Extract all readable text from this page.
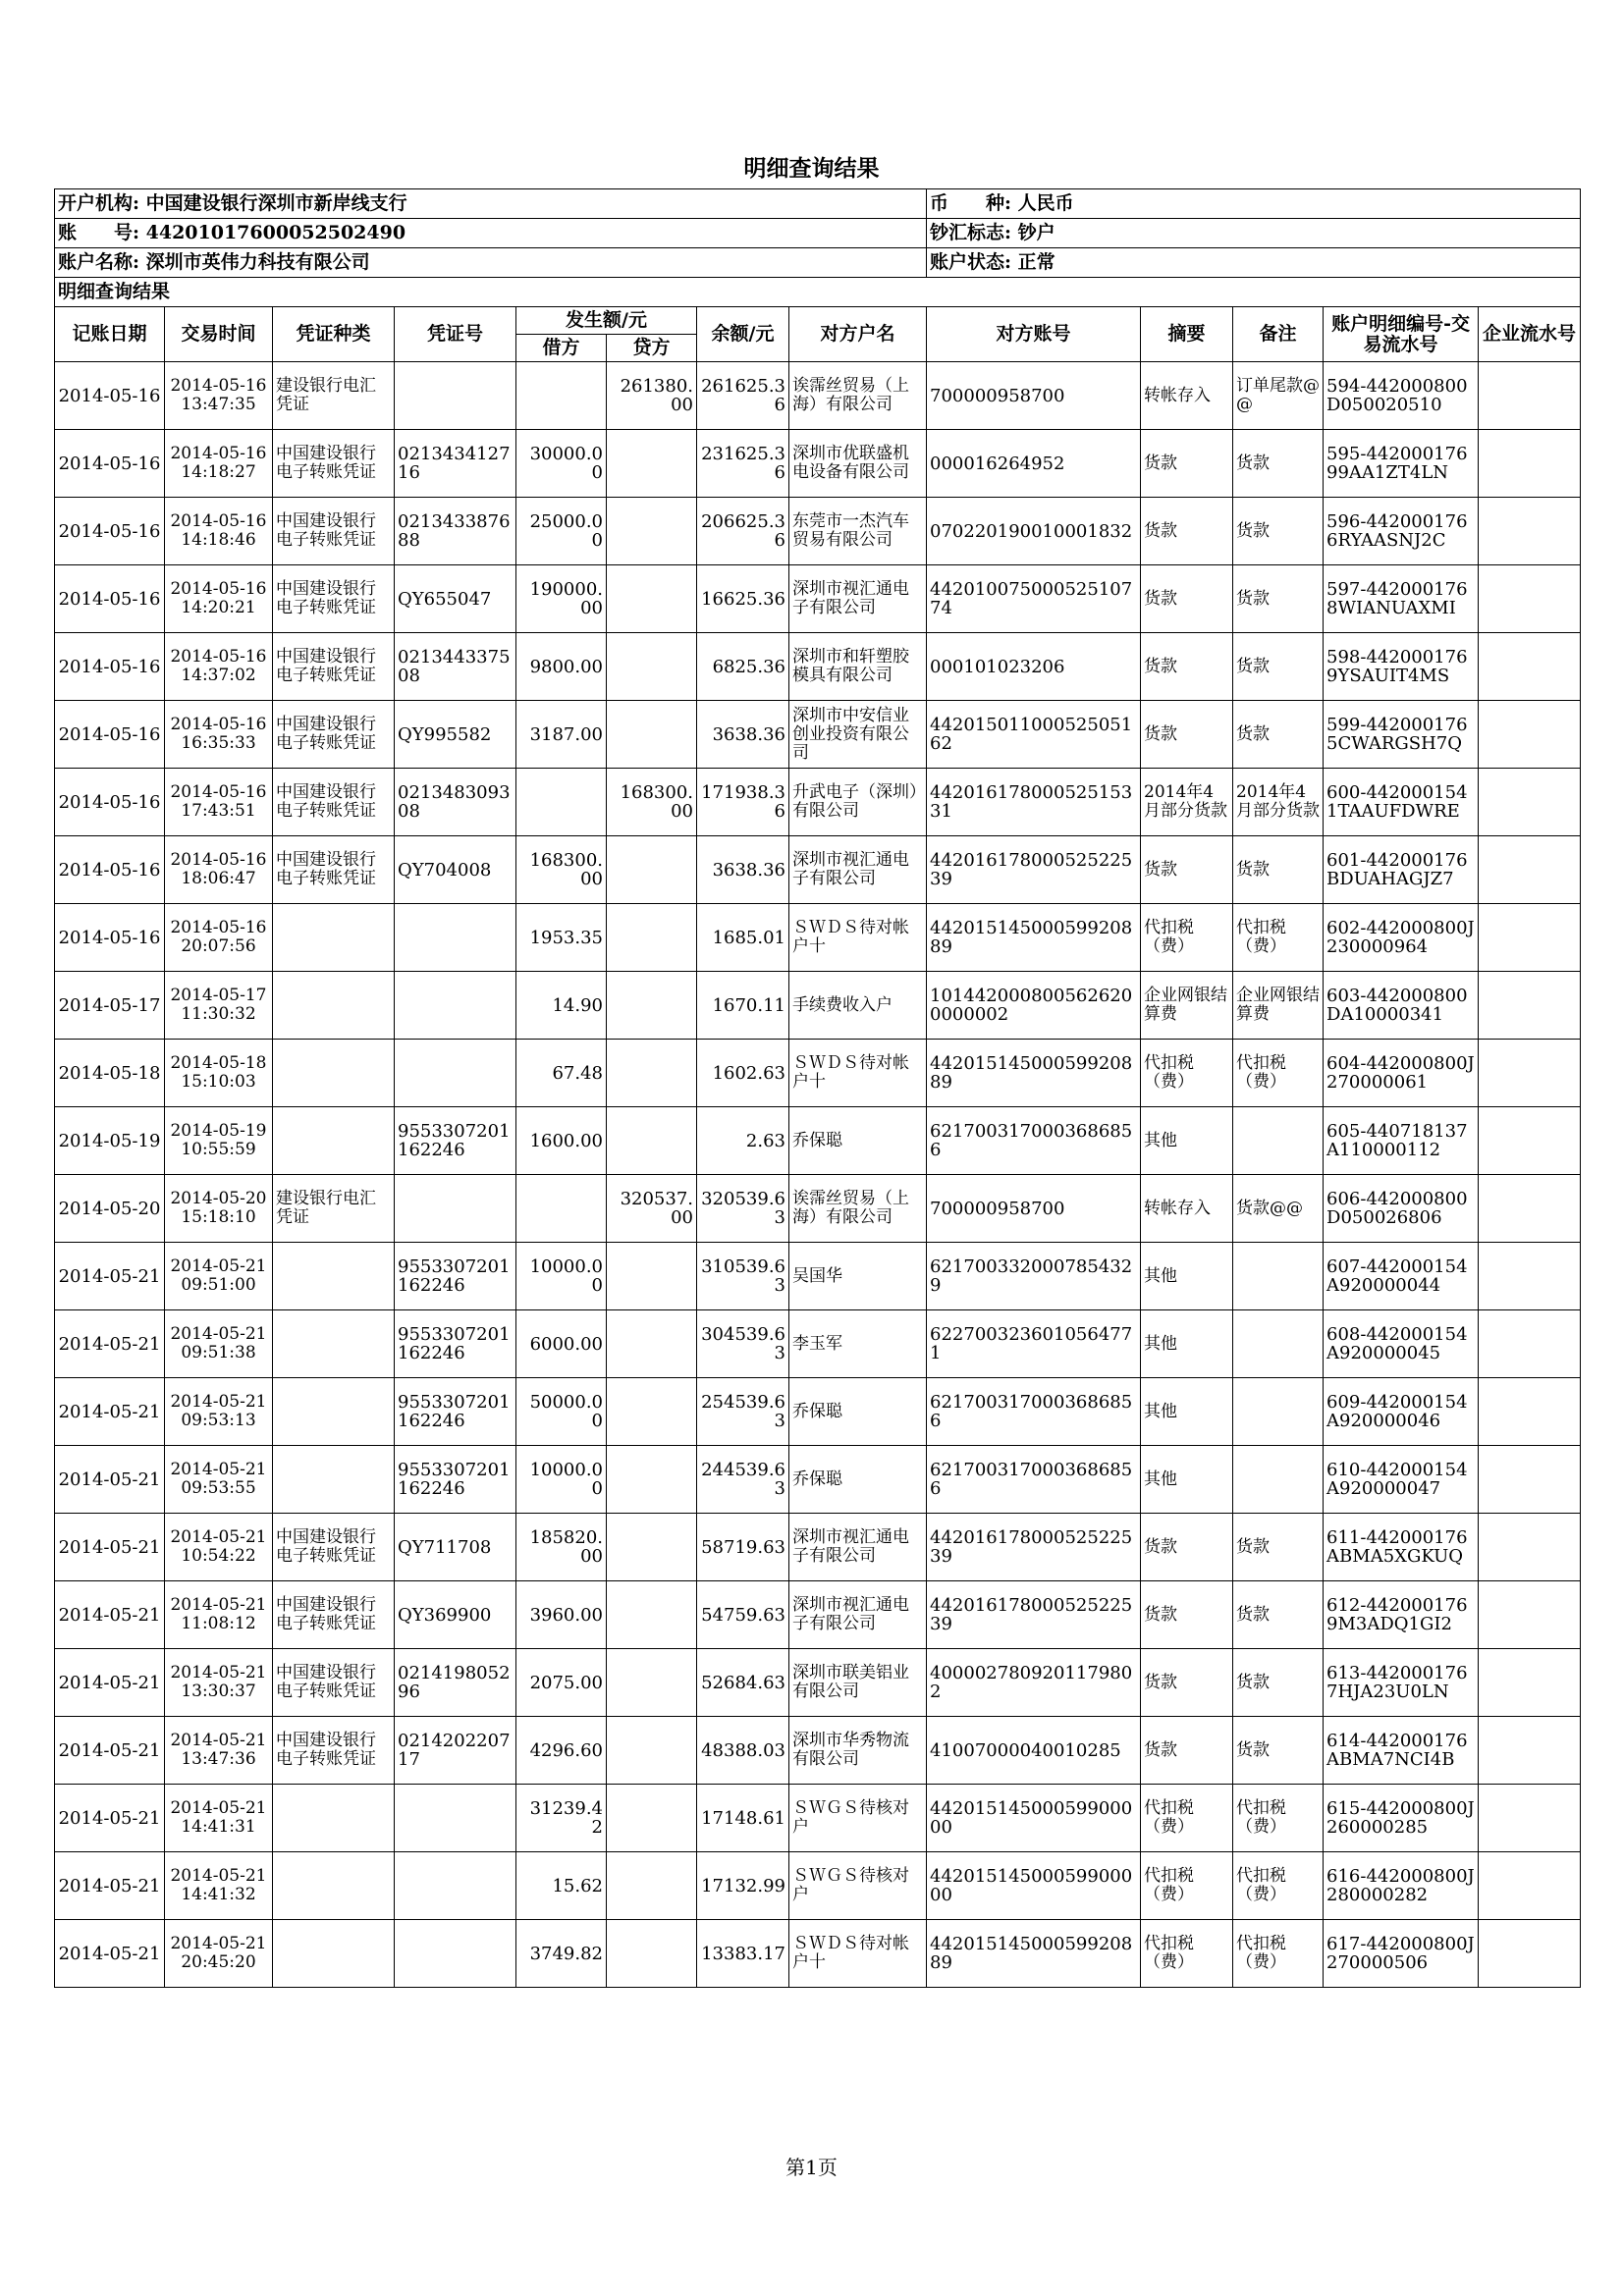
明细查询结果
开户机构: 中国建设银行深圳市新岸线支行								币　　种: 人民币				
账　　号: 44201017600052502490								钞汇标志: 钞户				
账户名称: 深圳市英伟力科技有限公司								账户状态: 正常				
明细查询结果												
记账日期	交易时间	凭证种类	凭证号	发生额/元		余额/元	对方户名	对方账号	摘要	备注	账户明细编号-交易流水号	企业流水号
				借方	贷方							
2014-05-16	2014-05-16 13:47:35	建设银行电汇凭证			261380.00	261625.36	诶霈丝贸易（上海）有限公司	700000958700	转帐存入	订单尾款@@	594-442000800D050020510	
2014-05-16	2014-05-16 14:18:27	中国建设银行电子转账凭证	021343412716	30000.00		231625.36	深圳市优联盛机电设备有限公司	000016264952	货款	货款	595-44200017699AA1ZT4LN	
2014-05-16	2014-05-16 14:18:46	中国建设银行电子转账凭证	021343387688	25000.00		206625.36	东莞市一杰汽车贸易有限公司	070220190010001832	货款	货款	596-4420001766RYAASNJ2C	
2014-05-16	2014-05-16 14:20:21	中国建设银行电子转账凭证	QY655047	190000.00		16625.36	深圳市视汇通电子有限公司	44201007500052510774	货款	货款	597-4420001768WIANUAXMI	
2014-05-16	2014-05-16 14:37:02	中国建设银行电子转账凭证	021344337508	9800.00		6825.36	深圳市和轩塑胶模具有限公司	000101023206	货款	货款	598-4420001769YSAUIT4MS	
2014-05-16	2014-05-16 16:35:33	中国建设银行电子转账凭证	QY995582	3187.00		3638.36	深圳市中安信业创业投资有限公司	44201501100052505162	货款	货款	599-4420001765CWARGSH7Q	
2014-05-16	2014-05-16 17:43:51	中国建设银行电子转账凭证	021348309308		168300.00	171938.36	升武电子（深圳）有限公司	44201617800052515331	2014年4月部分货款	2014年4月部分货款	600-4420001541TAAUFDWRE	
2014-05-16	2014-05-16 18:06:47	中国建设银行电子转账凭证	QY704008	168300.00		3638.36	深圳市视汇通电子有限公司	44201617800052522539	货款	货款	601-442000176BDUAHAGJZ7	
2014-05-16	2014-05-16 20:07:56			1953.35		1685.01	ＳＷＤＳ待对帐户十	44201514500059920889	代扣税（费）	代扣税（费）	602-442000800J230000964	
2014-05-17	2014-05-17 11:30:32			14.90		1670.11	手续费收入户	1014420008005626200000002	企业网银结算费	企业网银结算费	603-442000800DA10000341	
2014-05-18	2014-05-18 15:10:03			67.48		1602.63	ＳＷＤＳ待对帐户十	44201514500059920889	代扣税（费）	代扣税（费）	604-442000800J270000061	
2014-05-19	2014-05-19 10:55:59		9553307201162246	1600.00		2.63	乔保聪	6217003170003686856	其他		605-440718137A110000112	
2014-05-20	2014-05-20 15:18:10	建设银行电汇凭证			320537.00	320539.63	诶霈丝贸易（上海）有限公司	700000958700	转帐存入	货款@@	606-442000800D050026806	
2014-05-21	2014-05-21 09:51:00		9553307201162246	10000.00		310539.63	吴国华	6217003320007854329	其他		607-442000154A920000044	
2014-05-21	2014-05-21 09:51:38		9553307201162246	6000.00		304539.63	李玉军	6227003236010564771	其他		608-442000154A920000045	
2014-05-21	2014-05-21 09:53:13		9553307201162246	50000.00		254539.63	乔保聪	6217003170003686856	其他		609-442000154A920000046	
2014-05-21	2014-05-21 09:53:55		9553307201162246	10000.00		244539.63	乔保聪	6217003170003686856	其他		610-442000154A920000047	
2014-05-21	2014-05-21 10:54:22	中国建设银行电子转账凭证	QY711708	185820.00		58719.63	深圳市视汇通电子有限公司	44201617800052522539	货款	货款	611-442000176ABMA5XGKUQ	
2014-05-21	2014-05-21 11:08:12	中国建设银行电子转账凭证	QY369900	3960.00		54759.63	深圳市视汇通电子有限公司	44201617800052522539	货款	货款	612-4420001769M3ADQ1GI2	
2014-05-21	2014-05-21 13:30:37	中国建设银行电子转账凭证	021419805296	2075.00		52684.63	深圳市联美铝业有限公司	4000027809201179802	货款	货款	613-4420001767HJA23U0LN	
2014-05-21	2014-05-21 13:47:36	中国建设银行电子转账凭证	021420220717	4296.60		48388.03	深圳市华秀物流有限公司	41007000040010285	货款	货款	614-442000176ABMA7NCI4B	
2014-05-21	2014-05-21 14:41:31			31239.42		17148.61	ＳＷＧＳ待核对户	44201514500059900000	代扣税（费）	代扣税（费）	615-442000800J260000285	
2014-05-21	2014-05-21 14:41:32			15.62		17132.99	ＳＷＧＳ待核对户	44201514500059900000	代扣税（费）	代扣税（费）	616-442000800J280000282	
2014-05-21	2014-05-21 20:45:20			3749.82		13383.17	ＳＷＤＳ待对帐户十	44201514500059920889	代扣税（费）	代扣税（费）	617-442000800J270000506	
第1页
